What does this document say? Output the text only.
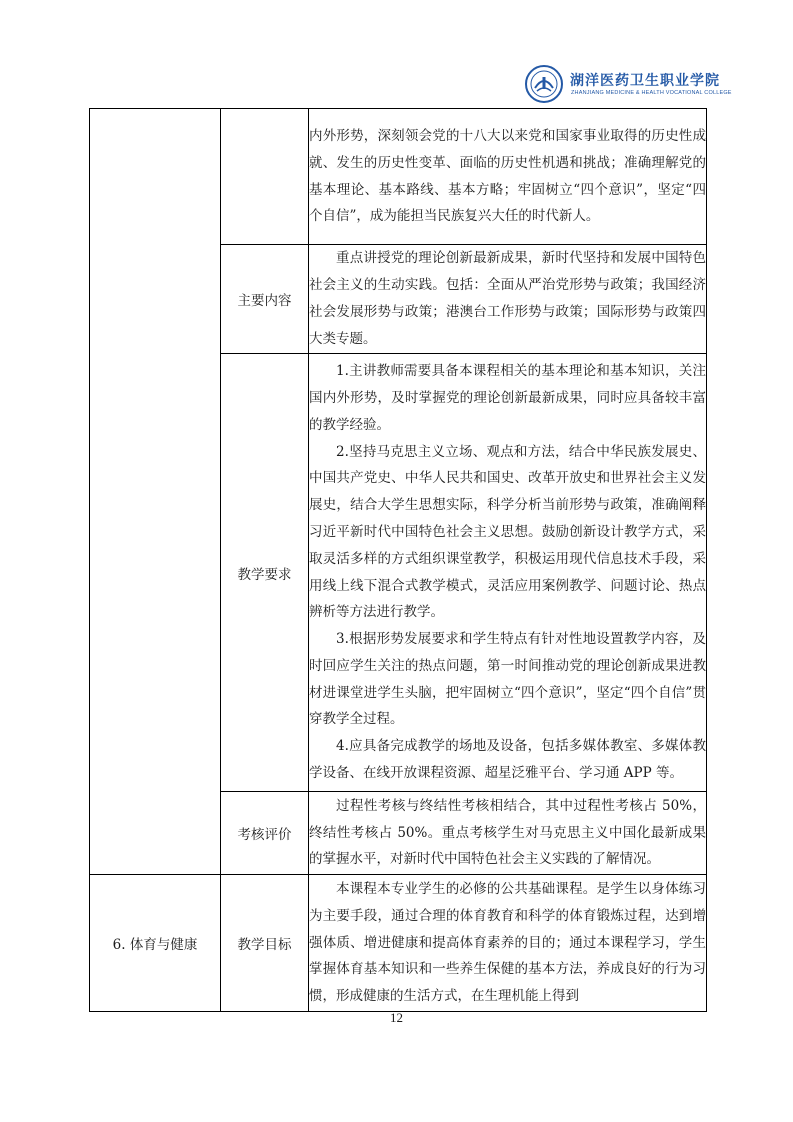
湖洋医药卫生职业学院
ZHANJIANG MEDICINE & HEALTH VOCATIONAL COLLEGE

		内外形势，深刻领会党的十八大以来党和国家事业取得的历史性成就、发生的历史性变革、面临的历史性机遇和挑战；准确理解党的基本理论、基本路线、基本方略；牢固树立“四个意识”，坚定“四个自信”，成为能担当民族复兴大任的时代新人。

	主要内容	重点讲授党的理论创新最新成果，新时代坚持和发展中国特色社会主义的生动实践。包括：全面从严治党形势与政策；我国经济社会发展形势与政策；港澳台工作形势与政策；国际形势与政策四大类专题。

	教学要求	1.主讲教师需要具备本课程相关的基本理论和基本知识，关注国内外形势，及时掌握党的理论创新最新成果，同时应具备较丰富的教学经验。

2.坚持马克思主义立场、观点和方法，结合中华民族发展史、中国共产党史、中华人民共和国史、改革开放史和世界社会主义发展史，结合大学生思想实际，科学分析当前形势与政策，准确阐释习近平新时代中国特色社会主义思想。鼓励创新设计教学方式，采取灵活多样的方式组织课堂教学，积极运用现代信息技术手段，采用线上线下混合式教学模式，灵活应用案例教学、问题讨论、热点辨析等方法进行教学。

3.根据形势发展要求和学生特点有针对性地设置教学内容，及时回应学生关注的热点问题，第一时间推动党的理论创新成果进教材进课堂进学生头脑，把牢固树立“四个意识”，坚定“四个自信”贯穿教学全过程。

4.应具备完成教学的场地及设备，包括多媒体教室、多媒体教学设备、在线开放课程资源、超星泛雅平台、学习通 APP 等。

	考核评价	过程性考核与终结性考核相结合，其中过程性考核占 50%，终结性考核占 50%。重点考核学生对马克思主义中国化最新成果的掌握水平，对新时代中国特色社会主义实践的了解情况。

6. 体育与健康	教学目标	本课程本专业学生的必修的公共基础课程。是学生以身体练习为主要手段，通过合理的体育教育和科学的体育锻炼过程，达到增强体质、增进健康和提高体育素养的目的；通过本课程学习，学生掌握体育基本知识和一些养生保健的基本方法，养成良好的行为习惯，形成健康的生活方式，在生理机能上得到

12
